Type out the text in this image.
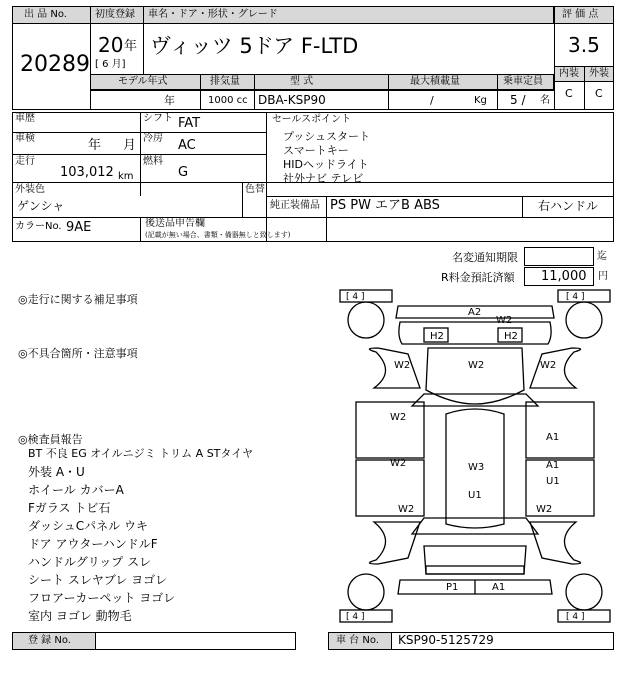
出 品 No.
20289
初度登録 車名・ドア・形状・グレード
20 年
[ 6 月]
ヴィッツ 5ドア F-LTD
評 価 点
3.5
内装 外装
C C
モデル年式	排気量	型 式	最大積載量	乗車定員
年	1000 cc DBA-KSP90	/	Kg 5 / 名
車歴
車検	年 月
走行
103,012 km
シフト FAT
冷房 AC
燃料
G
セールスポイント
プッシュスタート
スマートキー
HIDヘッドライト
社外ナビ テレビ
外装色
ゲンシャ
色替
純正装備品 PS PW エアB ABS	右ハンドル
カラーNo. 9AE	後送品申告欄
(記載が無い場合、書類・備器無しと致します)
名変通知期限	迄
R料金預託済額 11,000 円
◎走行に関する補足事項
◎不具合箇所・注意事項
◎検査員報告
BT 不良 EG オイルニジミ トリム A STタイヤ
外装 A・U
ホイール カバーA
Fガラス トビ石
ダッシュCパネル ウキ
ドア アウターハンドルF
ハンドルグリップ スレ
シート スレヤブレ ヨゴレ
フロアーカーペット ヨゴレ
室内 ヨゴレ 動物毛
[ 4 ]	[ 4 ]
[ 4 ]	[ 4 ]
A2
W2
H2	H2
W2	W2	W2
W2
A1
W2	W3
U1
A1
U1
W2	W2
P1	A1
登 録 No.	車 台 No. KSP90-5125729
